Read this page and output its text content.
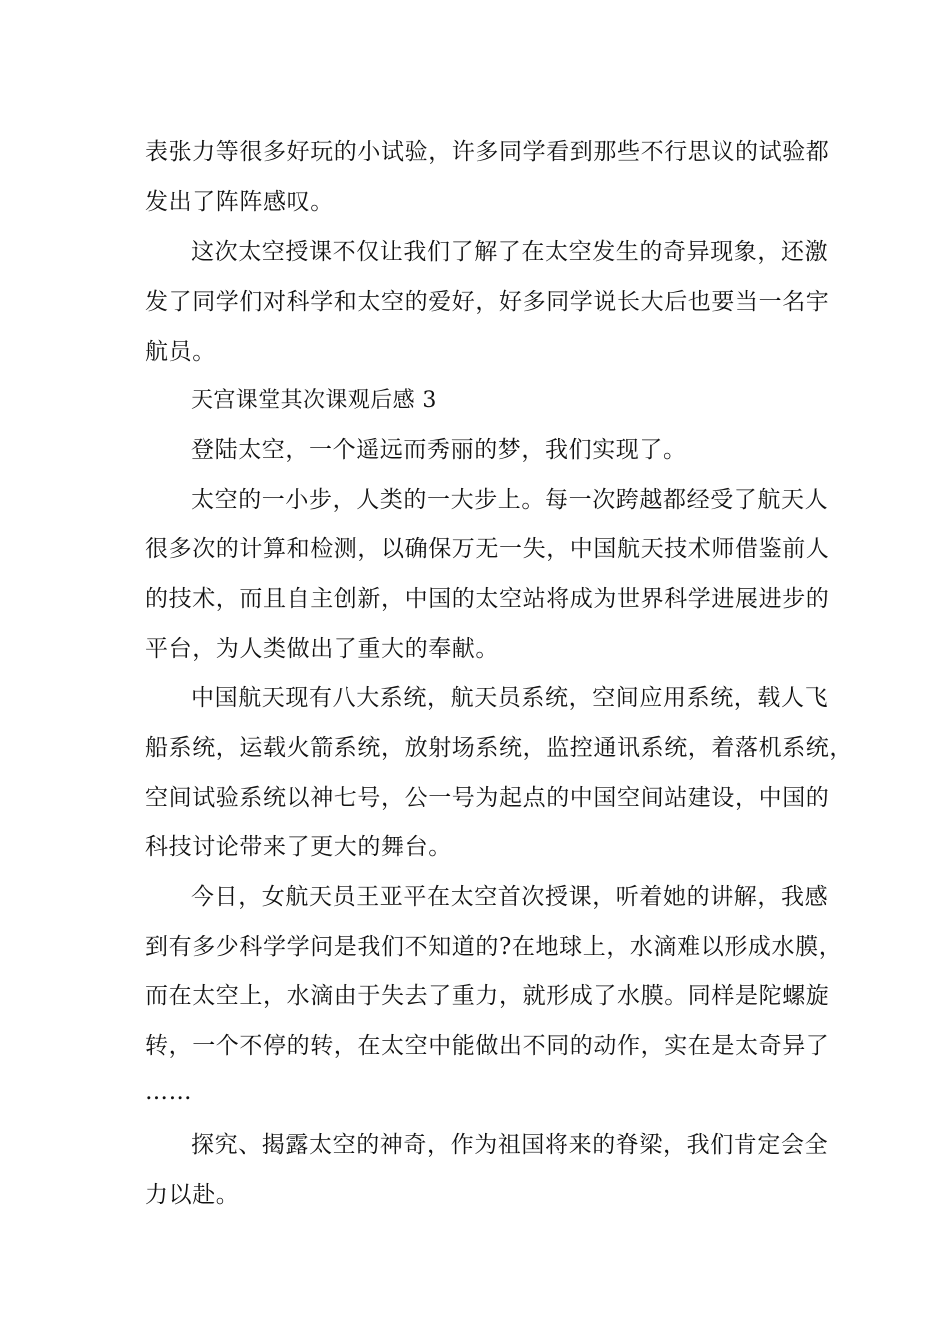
表张力等很多好玩的小试验，许多同学看到那些不行思议的试验都
发出了阵阵感叹。
这次太空授课不仅让我们了解了在太空发生的奇异现象，还激
发了同学们对科学和太空的爱好，好多同学说长大后也要当一名宇
航员。
天宫课堂其次课观后感 3
登陆太空，一个遥远而秀丽的梦，我们实现了。
太空的一小步，人类的一大步上。每一次跨越都经受了航天人
很多次的计算和检测，以确保万无一失，中国航天技术师借鉴前人
的技术，而且自主创新，中国的太空站将成为世界科学进展进步的
平台，为人类做出了重大的奉献。
中国航天现有八大系统，航天员系统，空间应用系统，载人飞
船系统，运载火箭系统，放射场系统，监控通讯系统，着落机系统，
空间试验系统以神七号，公一号为起点的中国空间站建设，中国的
科技讨论带来了更大的舞台。
今日，女航天员王亚平在太空首次授课，听着她的讲解，我感
到有多少科学学问是我们不知道的?在地球上，水滴难以形成水膜，
而在太空上，水滴由于失去了重力，就形成了水膜。同样是陀螺旋
转，一个不停的转，在太空中能做出不同的动作，实在是太奇异了
……
探究、揭露太空的神奇，作为祖国将来的脊梁，我们肯定会全
力以赴。
